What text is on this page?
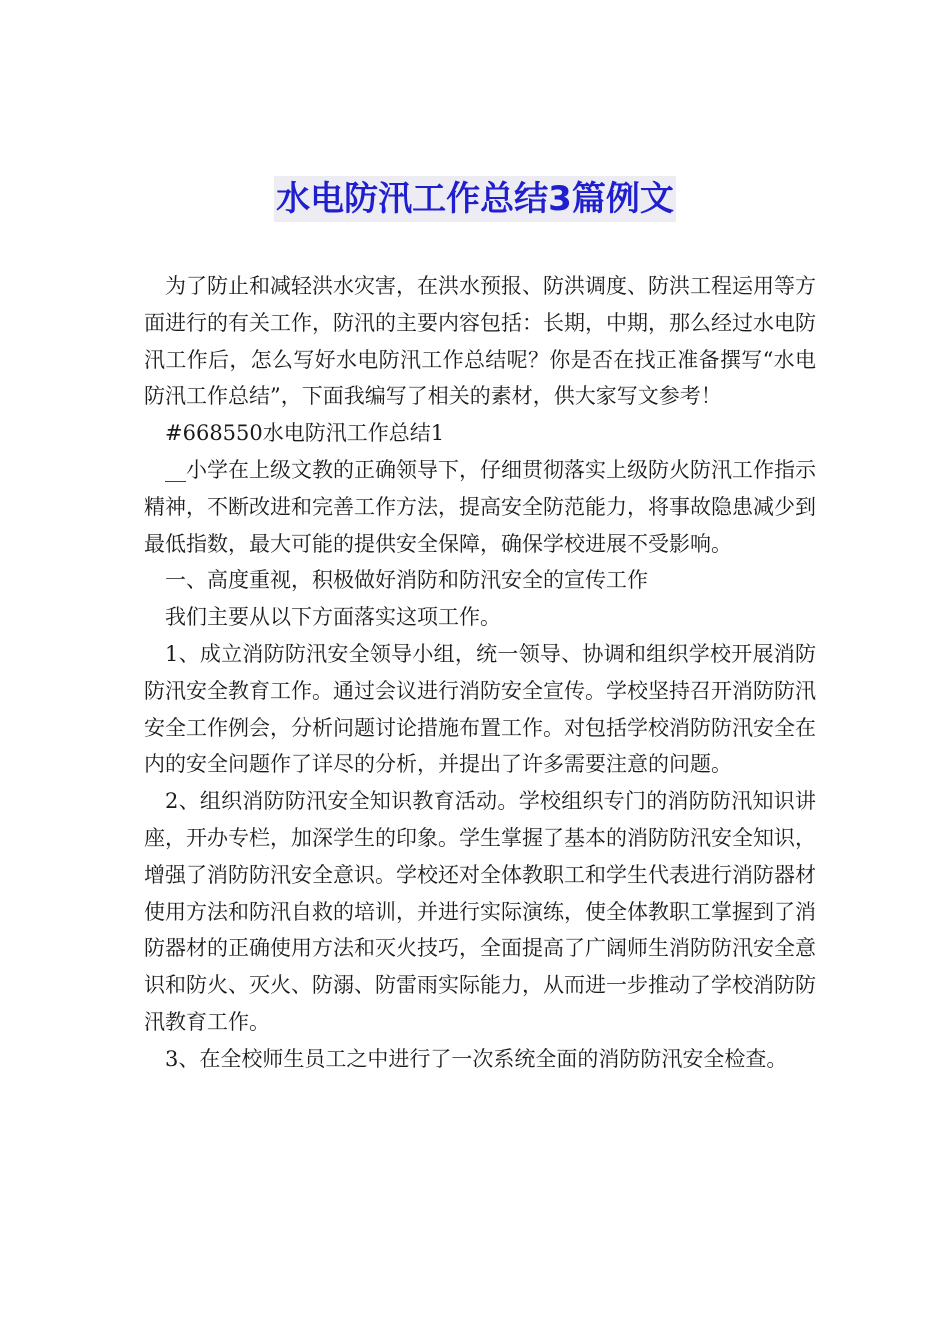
水电防汛工作总结3篇例文

为了防止和减轻洪水灾害，在洪水预报、防洪调度、防洪工程运用等方面进行的有关工作，防汛的主要内容包括：长期，中期，那么经过水电防汛工作后，怎么写好水电防汛工作总结呢？你是否在找正准备撰写“水电防汛工作总结”，下面我编写了相关的素材，供大家写文参考！

#668550水电防汛工作总结1

__小学在上级文教的正确领导下，仔细贯彻落实上级防火防汛工作指示精神，不断改进和完善工作方法，提高安全防范能力，将事故隐患减少到最低指数，最大可能的提供安全保障，确保学校进展不受影响。

一、高度重视，积极做好消防和防汛安全的宣传工作

我们主要从以下方面落实这项工作。

1、成立消防防汛安全领导小组，统一领导、协调和组织学校开展消防防汛安全教育工作。通过会议进行消防安全宣传。学校坚持召开消防防汛安全工作例会，分析问题讨论措施布置工作。对包括学校消防防汛安全在内的安全问题作了详尽的分析，并提出了许多需要注意的问题。

2、组织消防防汛安全知识教育活动。学校组织专门的消防防汛知识讲座，开办专栏，加深学生的印象。学生掌握了基本的消防防汛安全知识，增强了消防防汛安全意识。学校还对全体教职工和学生代表进行消防器材使用方法和防汛自救的培训，并进行实际演练，使全体教职工掌握到了消防器材的正确使用方法和灭火技巧，全面提高了广阔师生消防防汛安全意识和防火、灭火、防溺、防雷雨实际能力，从而进一步推动了学校消防防汛教育工作。

3、在全校师生员工之中进行了一次系统全面的消防防汛安全检查。
